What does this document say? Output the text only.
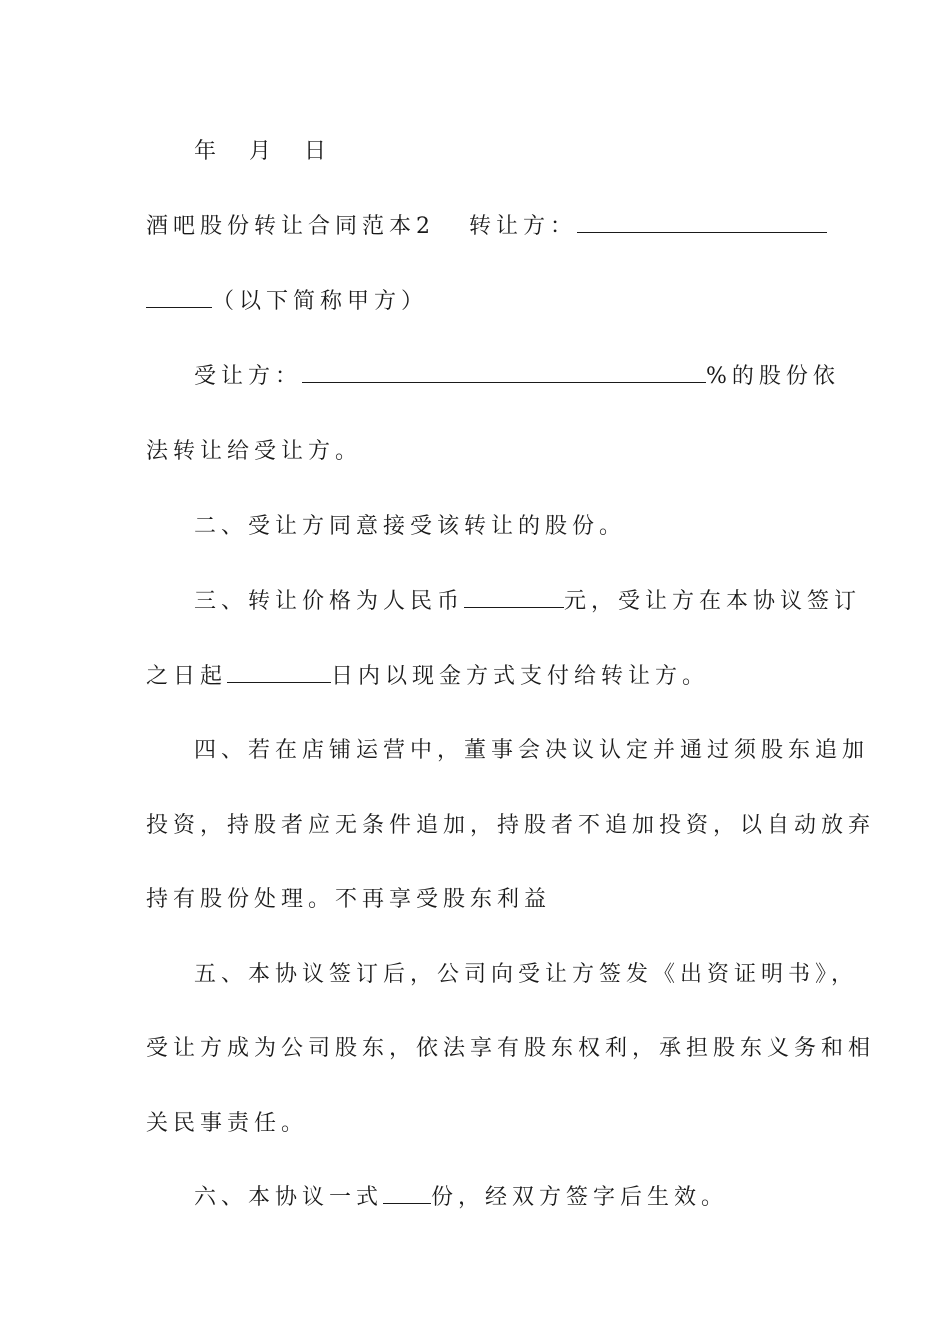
年 月 日
酒吧股份转让合同范本2 转让方：
（以下简称甲方）
受让方：	%的股份依
法转让给受让方。
二、受让方同意接受该转让的股份。
三、转让价格为人民币	元，受让方在本协议签订
之日起	日内以现金方式支付给转让方。
四、若在店铺运营中，董事会决议认定并通过须股东追加
投资，持股者应无条件追加，持股者不追加投资，以自动放弃
持有股份处理。不再享受股东利益
五、本协议签订后，公司向受让方签发《出资证明书》，
受让方成为公司股东，依法享有股东权利，承担股东义务和相
关民事责任。
六、本协议一式 份，经双方签字后生效。
